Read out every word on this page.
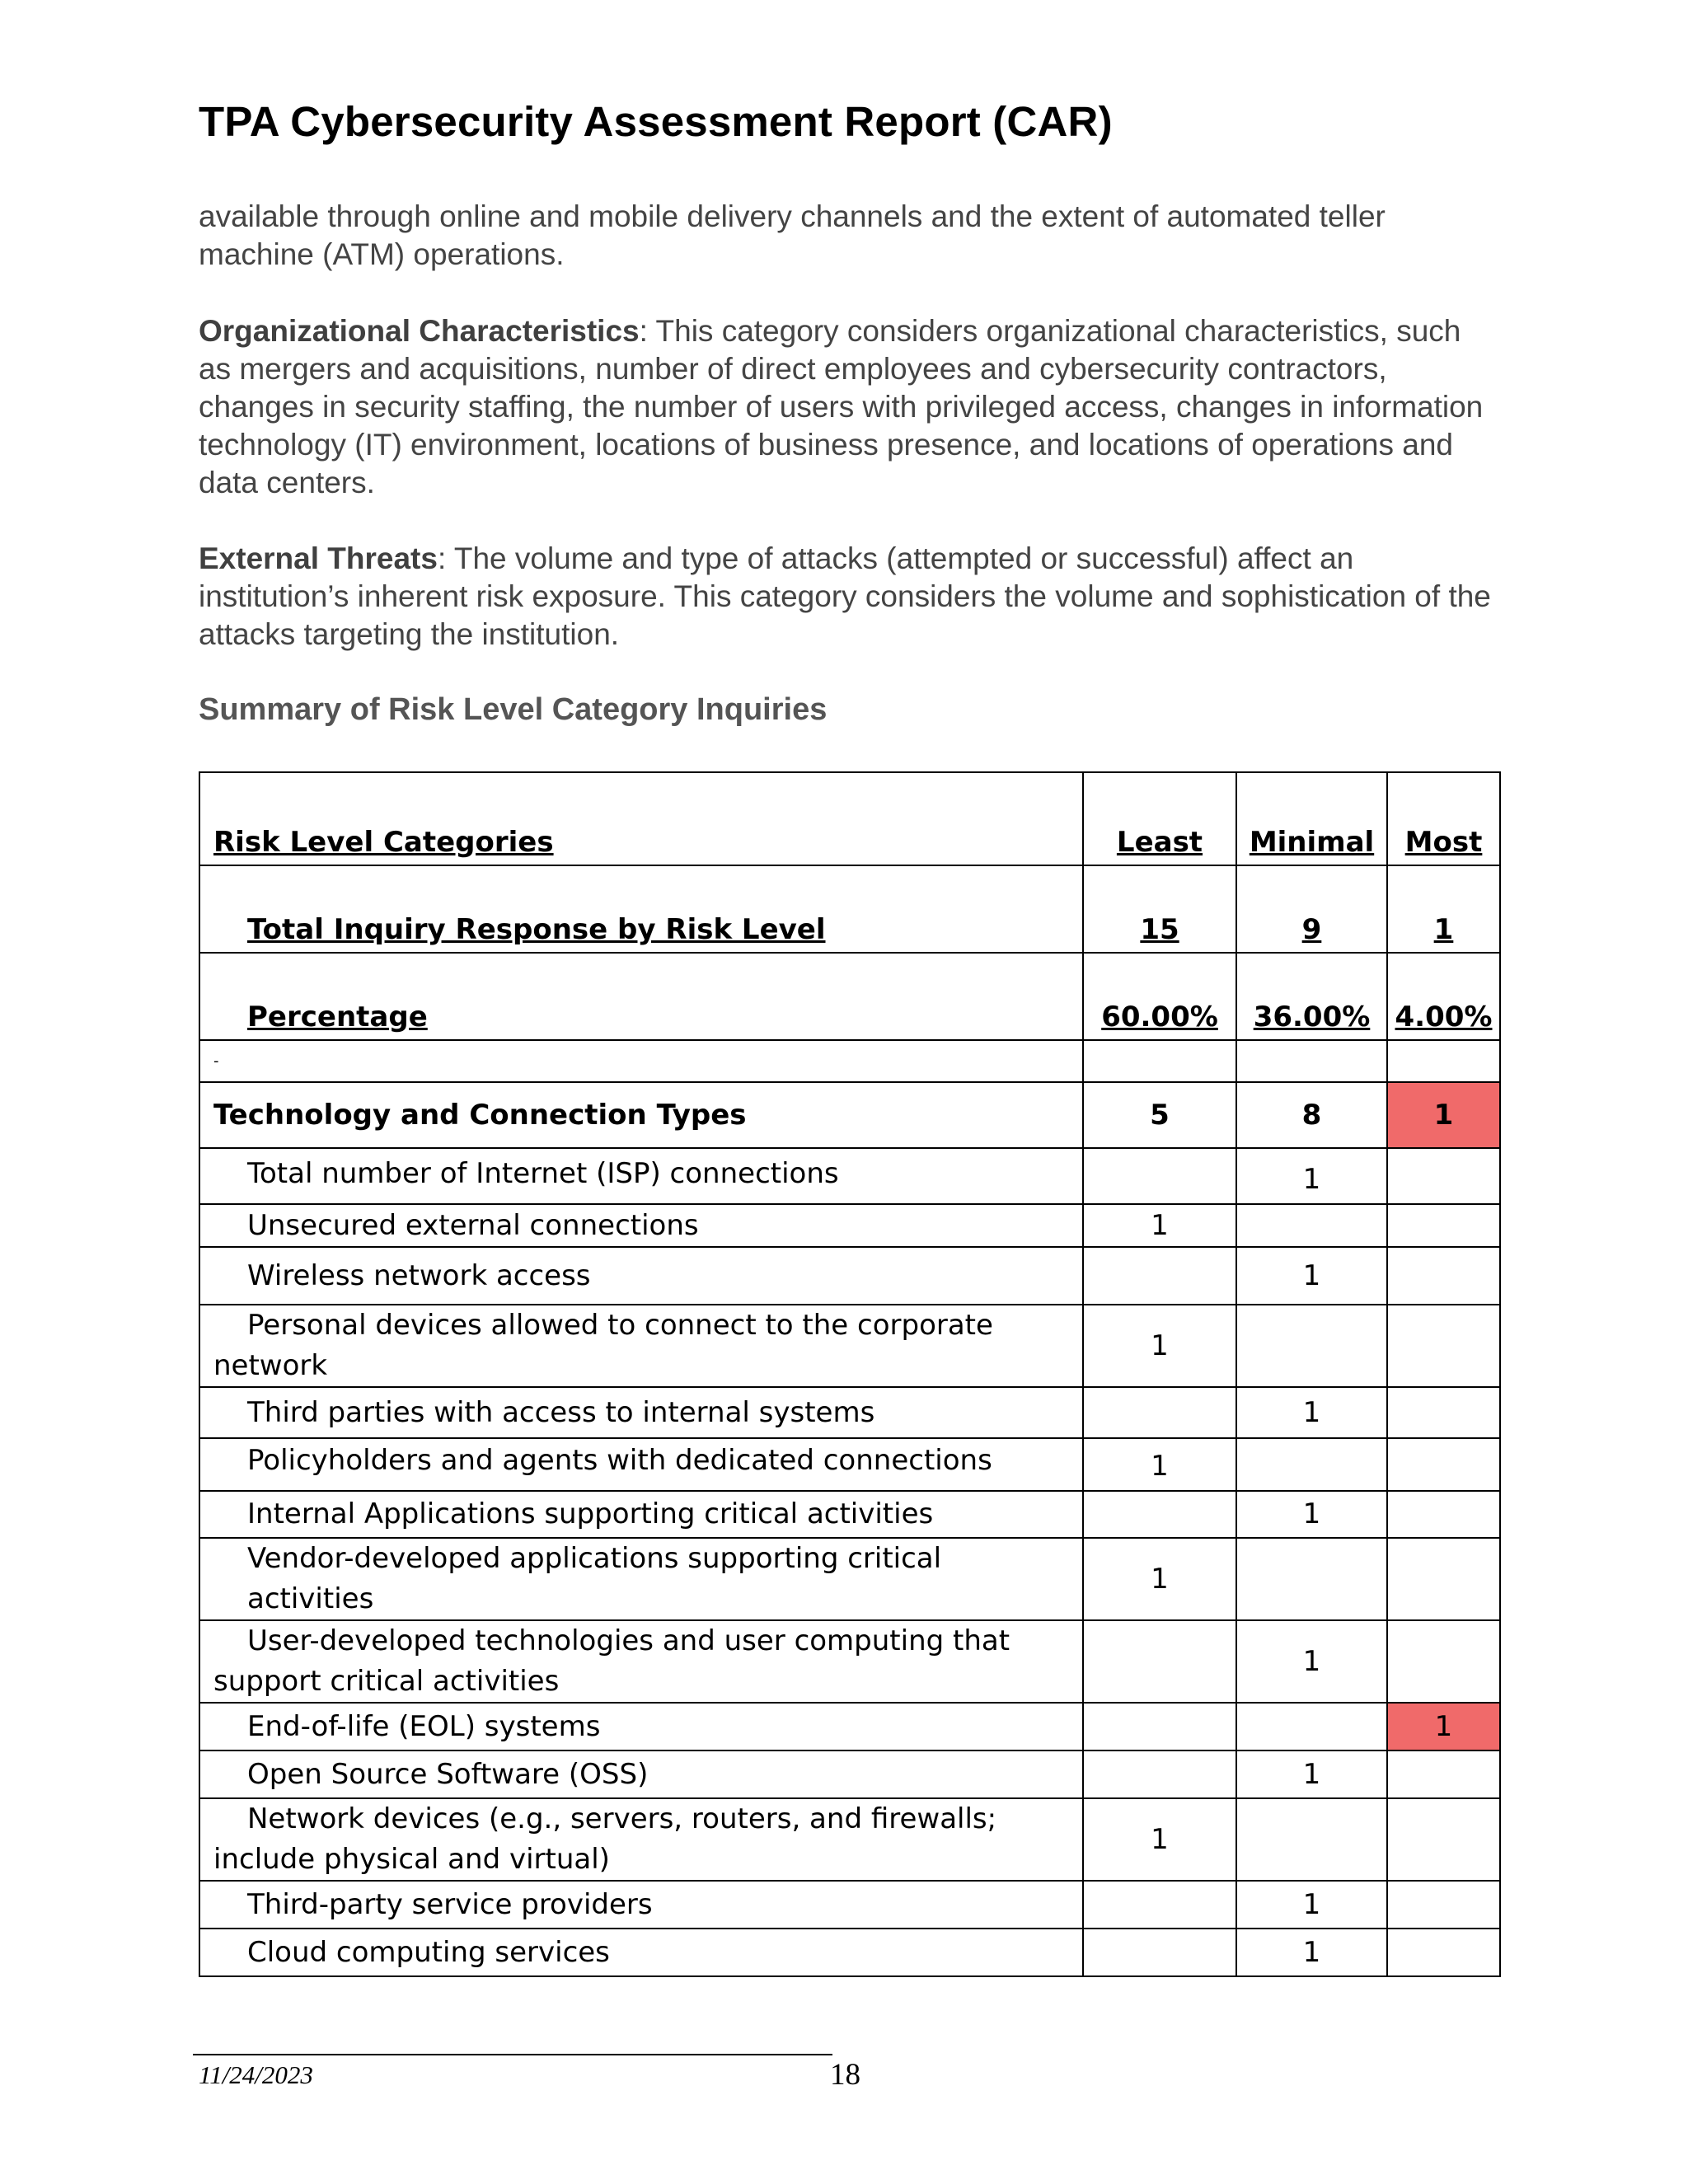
TPA Cybersecurity Assessment Report (CAR)

available through online and mobile delivery channels and the extent of automated teller machine (ATM) operations.

Organizational Characteristics: This category considers organizational characteristics, such as mergers and acquisitions, number of direct employees and cybersecurity contractors, changes in security staffing, the number of users with privileged access, changes in information technology (IT) environment, locations of business presence, and locations of operations and data centers.

External Threats: The volume and type of attacks (attempted or successful) affect an institution’s inherent risk exposure. This category considers the volume and sophistication of the attacks targeting the institution.

Summary of Risk Level Category Inquiries
Risk Level Categories	Least	Minimal	Most
Total Inquiry Response by Risk Level	15	9	1
Percentage	60.00%	36.00%	4.00%
-			
Technology and Connection Types	5	8	1
Total number of Internet (ISP) connections		1	
Unsecured external connections	1		
Wireless network access		1	
Personal devices allowed to connect to the corporate
network	1		
Third parties with access to internal systems		1	
Policyholders and agents with dedicated connections	1		
Internal Applications supporting critical activities		1	
Vendor-developed applications supporting critical activities	1		
User-developed technologies and user computing that
support critical activities		1	
End-of-life (EOL) systems			1
Open Source Software (OSS)		1	
Network devices (e.g., servers, routers, and firewalls;
include physical and virtual)	1		
Third-party service providers		1	
Cloud computing services		1	

11/24/2023	18
